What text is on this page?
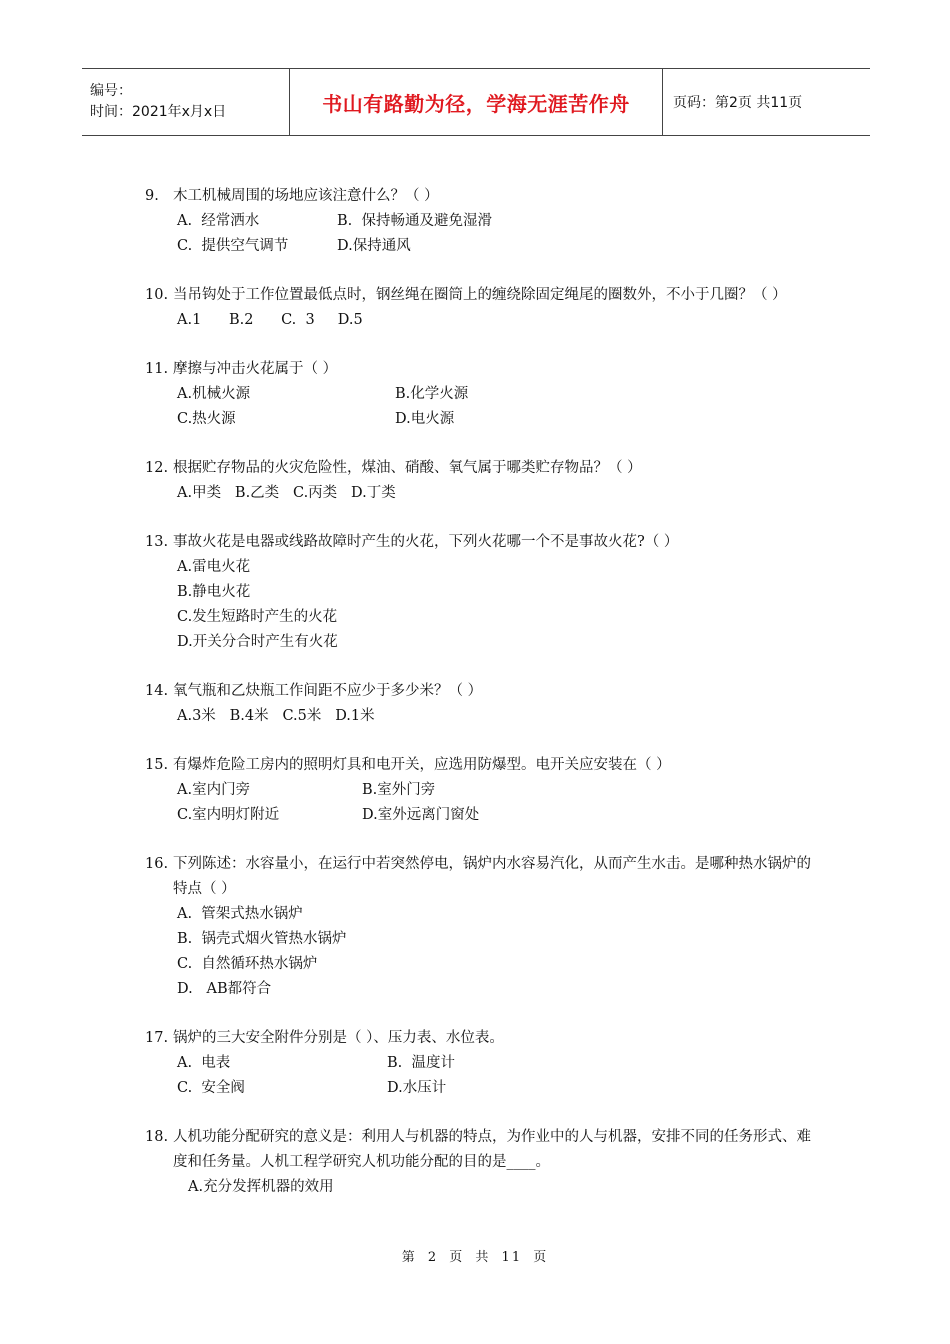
编号：
时间：2021年x月x日	书山有路勤为径，学海无涯苦作舟	页码：第2页 共11页
9. 木工机械周围的场地应该注意什么？（ ）
A.  经常洒水	B.  保持畅通及避免湿滑
C.  提供空气调节	D.保持通风
10. 当吊钩处于工作位置最低点时，钢丝绳在圈筒上的缠绕除固定绳尾的圈数外，不小于几圈？（ ）
A.1      B.2      C.  3     D.5
11. 摩擦与冲击火花属于（ ）
A.机械火源	B.化学火源
C.热火源	D.电火源
12. 根据贮存物品的火灾危险性，煤油、硝酸、氧气属于哪类贮存物品？（ ）
A.甲类   B.乙类   C.丙类   D.丁类
13. 事故火花是电器或线路故障时产生的火花，下列火花哪一个不是事故火花?（ ）
A.雷电火花
B.静电火花
C.发生短路时产生的火花
D.开关分合时产生有火花
14. 氧气瓶和乙炔瓶工作间距不应少于多少米？（ ）
A.3米   B.4米   C.5米   D.1米
15. 有爆炸危险工房内的照明灯具和电开关，应选用防爆型。电开关应安装在（ ）
A.室内门旁	B.室外门旁
C.室内明灯附近	D.室外远离门窗处
16. 下列陈述：水容量小，在运行中若突然停电，锅炉内水容易汽化，从而产生水击。是哪种热水锅炉的特点（ ）
A.  管架式热水锅炉
B.  锅壳式烟火管热水锅炉
C.  自然循环热水锅炉
D.   AB都符合
17. 锅炉的三大安全附件分别是（ ）、压力表、水位表。
A.  电表	B.  温度计
C.  安全阀	D.水压计
18. 人机功能分配研究的意义是：利用人与机器的特点，为作业中的人与机器，安排不同的任务形式、难度和任务量。人机工程学研究人机功能分配的目的是____。
A.充分发挥机器的效用
第 2 页 共 11 页
